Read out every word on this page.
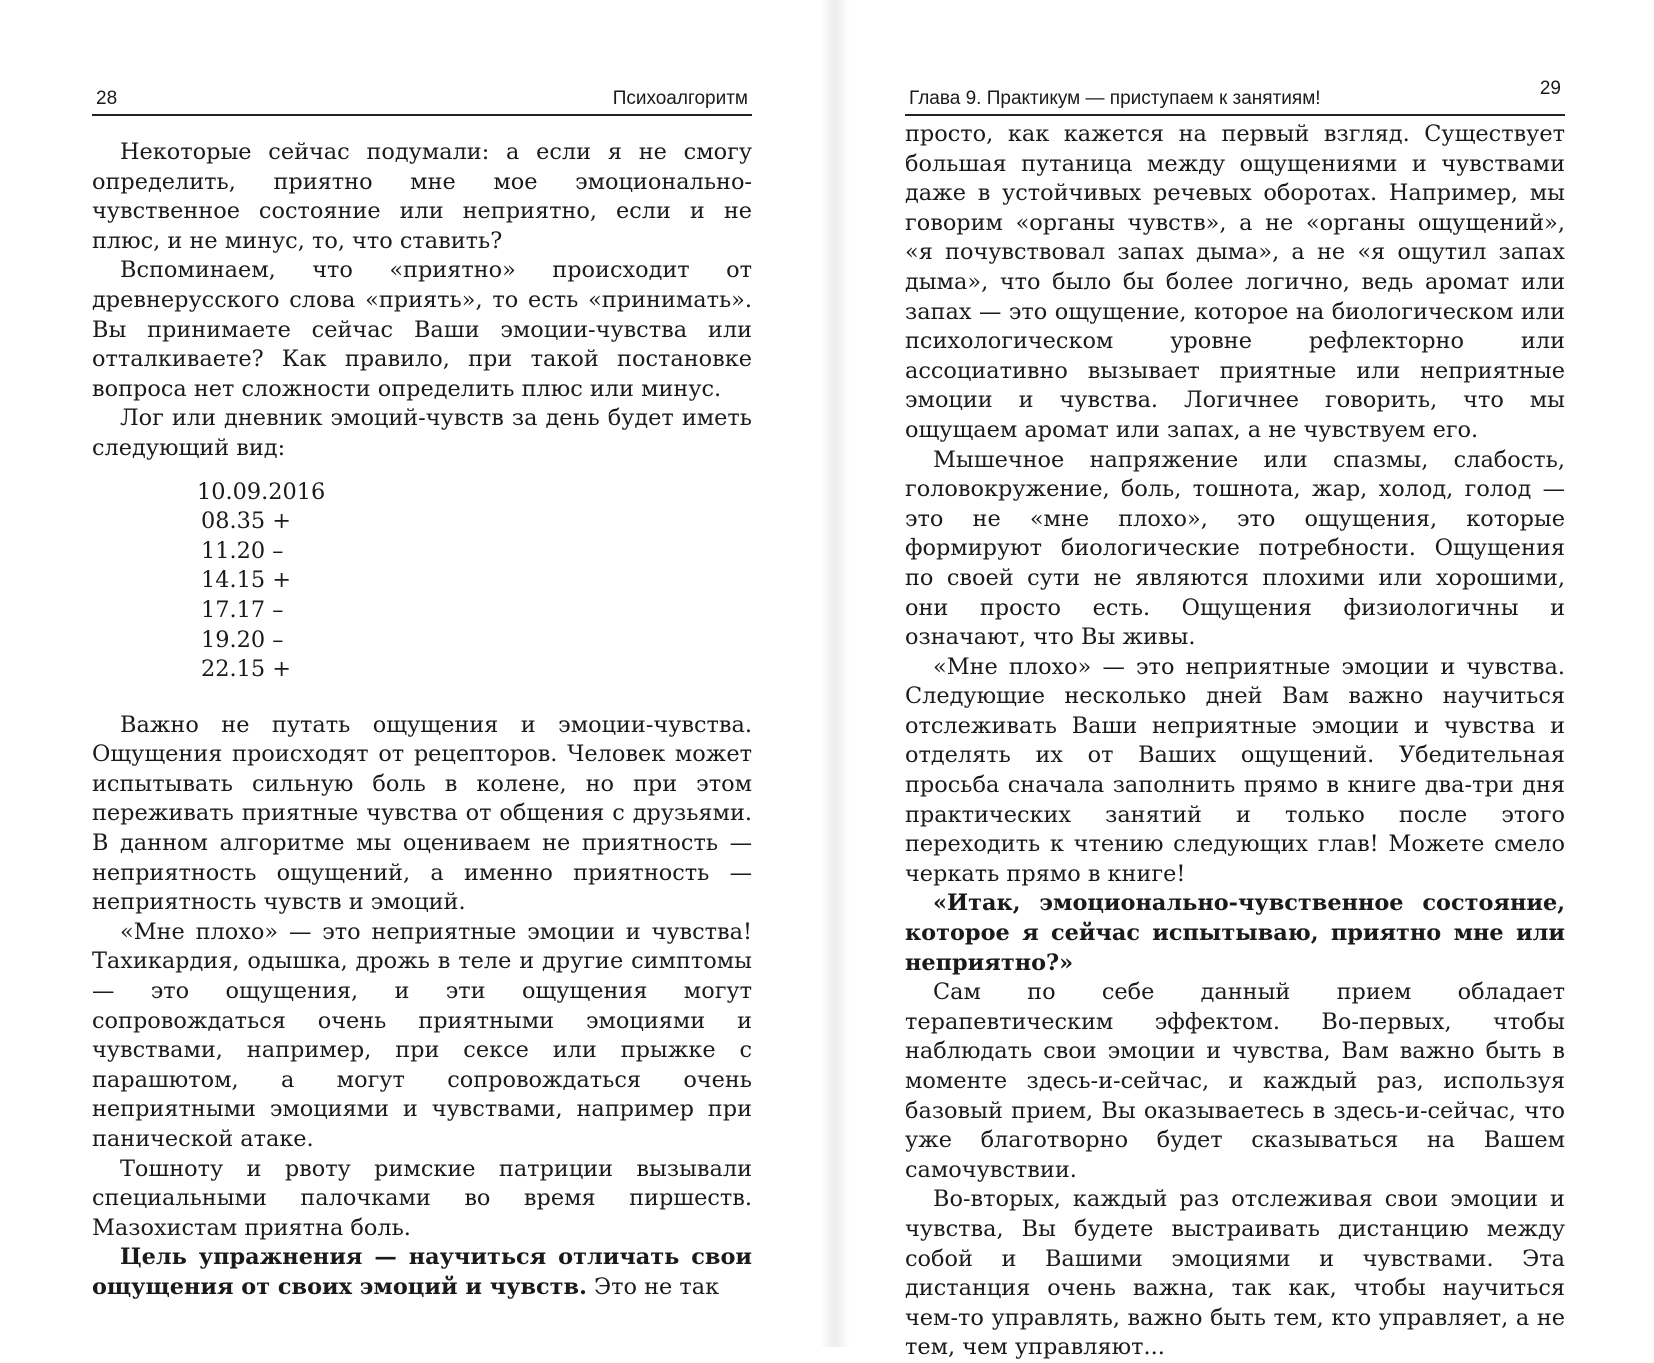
28	Психоалгоритм

Некоторые сейчас подумали: а если я не смогу определить, приятно мне мое эмоционально-чувственное состояние или неприятно, если и не плюс, и не минус, то, что ставить?

Вспоминаем, что «приятно» происходит от древнерусского слова «приять», то есть «принимать». Вы принимаете сейчас Ваши эмоции-чувства или отталкиваете? Как правило, при такой постановке вопроса нет сложности определить плюс или минус.

Лог или дневник эмоций-чувств за день будет иметь следующий вид:

10.09.2016
08.35 +
11.20 –
14.15 +
17.17 –
19.20 –
22.15 +

Важно не путать ощущения и эмоции-чувства. Ощущения происходят от рецепторов. Человек может испытывать сильную боль в колене, но при этом переживать приятные чувства от общения с друзьями. В данном алгоритме мы оцениваем не приятность — неприятность ощущений, а именно приятность — неприятность чувств и эмоций.

«Мне плохо» — это неприятные эмоции и чувства! Тахикардия, одышка, дрожь в теле и другие симптомы — это ощущения, и эти ощущения могут сопровождаться очень приятными эмоциями и чувствами, например, при сексе или прыжке с парашютом, а могут сопровождаться очень неприятными эмоциями и чувствами, например при панической атаке.

Тошноту и рвоту римские патриции вызывали специальными палочками во время пиршеств. Мазохистам приятна боль.

Цель упражнения — научиться отличать свои ощущения от своих эмоций и чувств. Это не так

Глава 9. Практикум — приступаем к занятиям!	29

просто, как кажется на первый взгляд. Существует большая путаница между ощущениями и чувствами даже в устойчивых речевых оборотах. Например, мы говорим «органы чувств», а не «органы ощущений», «я почувствовал запах дыма», а не «я ощутил запах дыма», что было бы более логично, ведь аромат или запах — это ощущение, которое на биологическом или психологическом уровне рефлекторно или ассоциативно вызывает приятные или неприятные эмоции и чувства. Логичнее говорить, что мы ощущаем аромат или запах, а не чувствуем его.

Мышечное напряжение или спазмы, слабость, головокружение, боль, тошнота, жар, холод, голод — это не «мне плохо», это ощущения, которые формируют биологические потребности. Ощущения по своей сути не являются плохими или хорошими, они просто есть. Ощущения физиологичны и означают, что Вы живы.

«Мне плохо» — это неприятные эмоции и чувства. Следующие несколько дней Вам важно научиться отслеживать Ваши неприятные эмоции и чувства и отделять их от Ваших ощущений. Убедительная просьба сначала заполнить прямо в книге два-три дня практических занятий и только после этого переходить к чтению следующих глав! Можете смело черкать прямо в книге!

«Итак, эмоционально-чувственное состояние, которое я сейчас испытываю, приятно мне или неприятно?»

Сам по себе данный прием обладает терапевтическим эффектом. Во-первых, чтобы наблюдать свои эмоции и чувства, Вам важно быть в моменте здесь-и-сейчас, и каждый раз, используя базовый прием, Вы оказываетесь в здесь-и-сейчас, что уже благотворно будет сказываться на Вашем самочувствии.

Во-вторых, каждый раз отслеживая свои эмоции и чувства, Вы будете выстраивать дистанцию между собой и Вашими эмоциями и чувствами. Эта дистанция очень важна, так как, чтобы научиться чем-то управлять, важно быть тем, кто управляет, а не тем, чем управляют...
